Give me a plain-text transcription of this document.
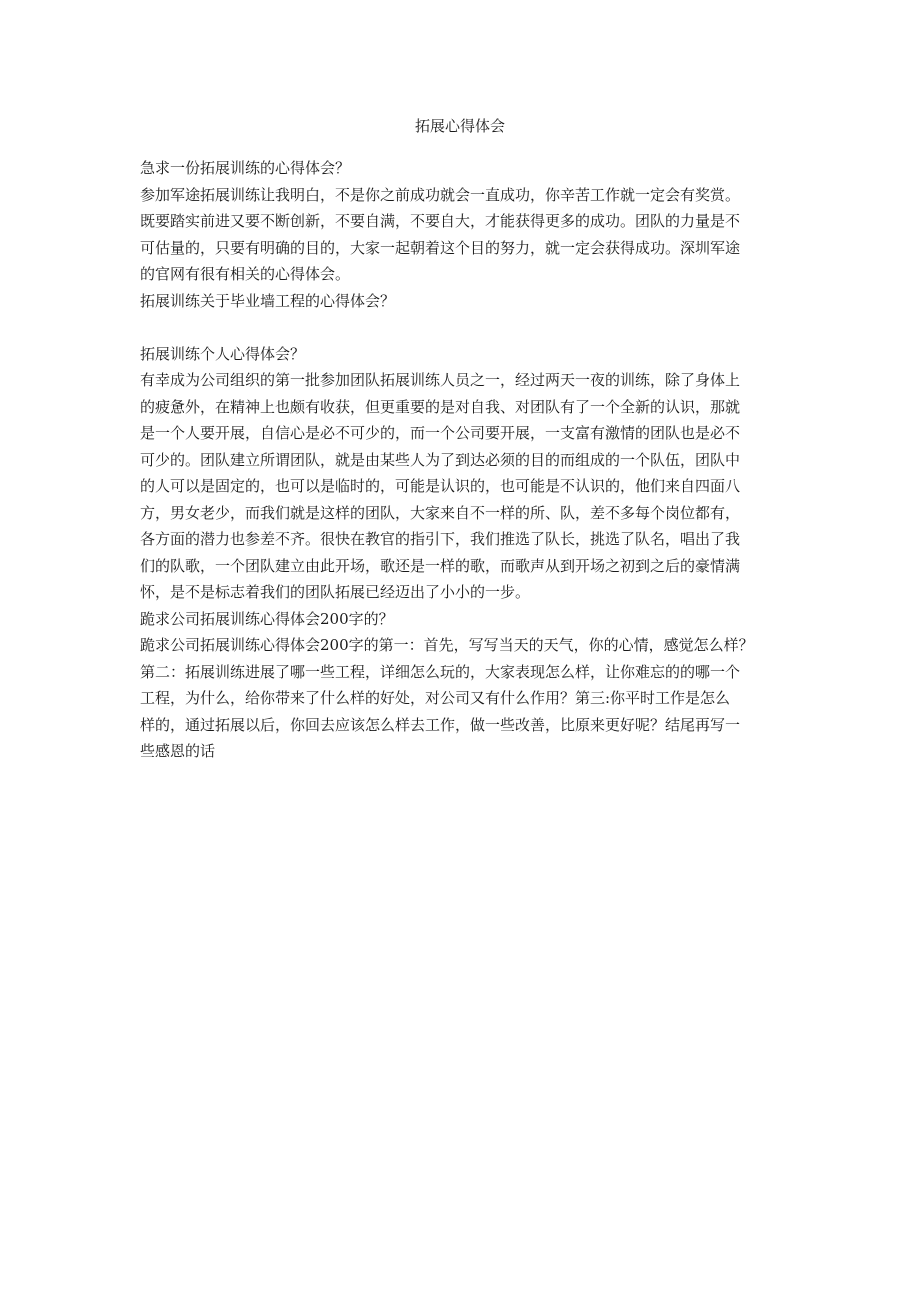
拓展心得体会
急求一份拓展训练的心得体会？
参加军途拓展训练让我明白，不是你之前成功就会一直成功，你辛苦工作就一定会有奖赏。
既要踏实前进又要不断创新，不要自满，不要自大，才能获得更多的成功。团队的力量是不
可估量的，只要有明确的目的，大家一起朝着这个目的努力，就一定会获得成功。深圳军途
的官网有很有相关的心得体会。
拓展训练关于毕业墙工程的心得体会？
拓展训练个人心得体会？
有幸成为公司组织的第一批参加团队拓展训练人员之一，经过两天一夜的训练，除了身体上
的疲惫外，在精神上也颇有收获，但更重要的是对自我、对团队有了一个全新的认识，那就
是一个人要开展，自信心是必不可少的，而一个公司要开展，一支富有激情的团队也是必不
可少的。团队建立所谓团队，就是由某些人为了到达必须的目的而组成的一个队伍，团队中
的人可以是固定的，也可以是临时的，可能是认识的，也可能是不认识的，他们来自四面八
方，男女老少，而我们就是这样的团队，大家来自不一样的所、队，差不多每个岗位都有，
各方面的潜力也参差不齐。很快在教官的指引下，我们推选了队长，挑选了队名，唱出了我
们的队歌，一个团队建立由此开场，歌还是一样的歌，而歌声从到开场之初到之后的豪情满
怀，是不是标志着我们的团队拓展已经迈出了小小的一步。
跪求公司拓展训练心得体会200字的？
跪求公司拓展训练心得体会200字的第一：首先，写写当天的天气，你的心情，感觉怎么样？
第二：拓展训练进展了哪一些工程，详细怎么玩的，大家表现怎么样，让你难忘的的哪一个
工程，为什么，给你带来了什么样的好处，对公司又有什么作用？第三:你平时工作是怎么
样的，通过拓展以后，你回去应该怎么样去工作，做一些改善，比原来更好呢？结尾再写一
些感恩的话
